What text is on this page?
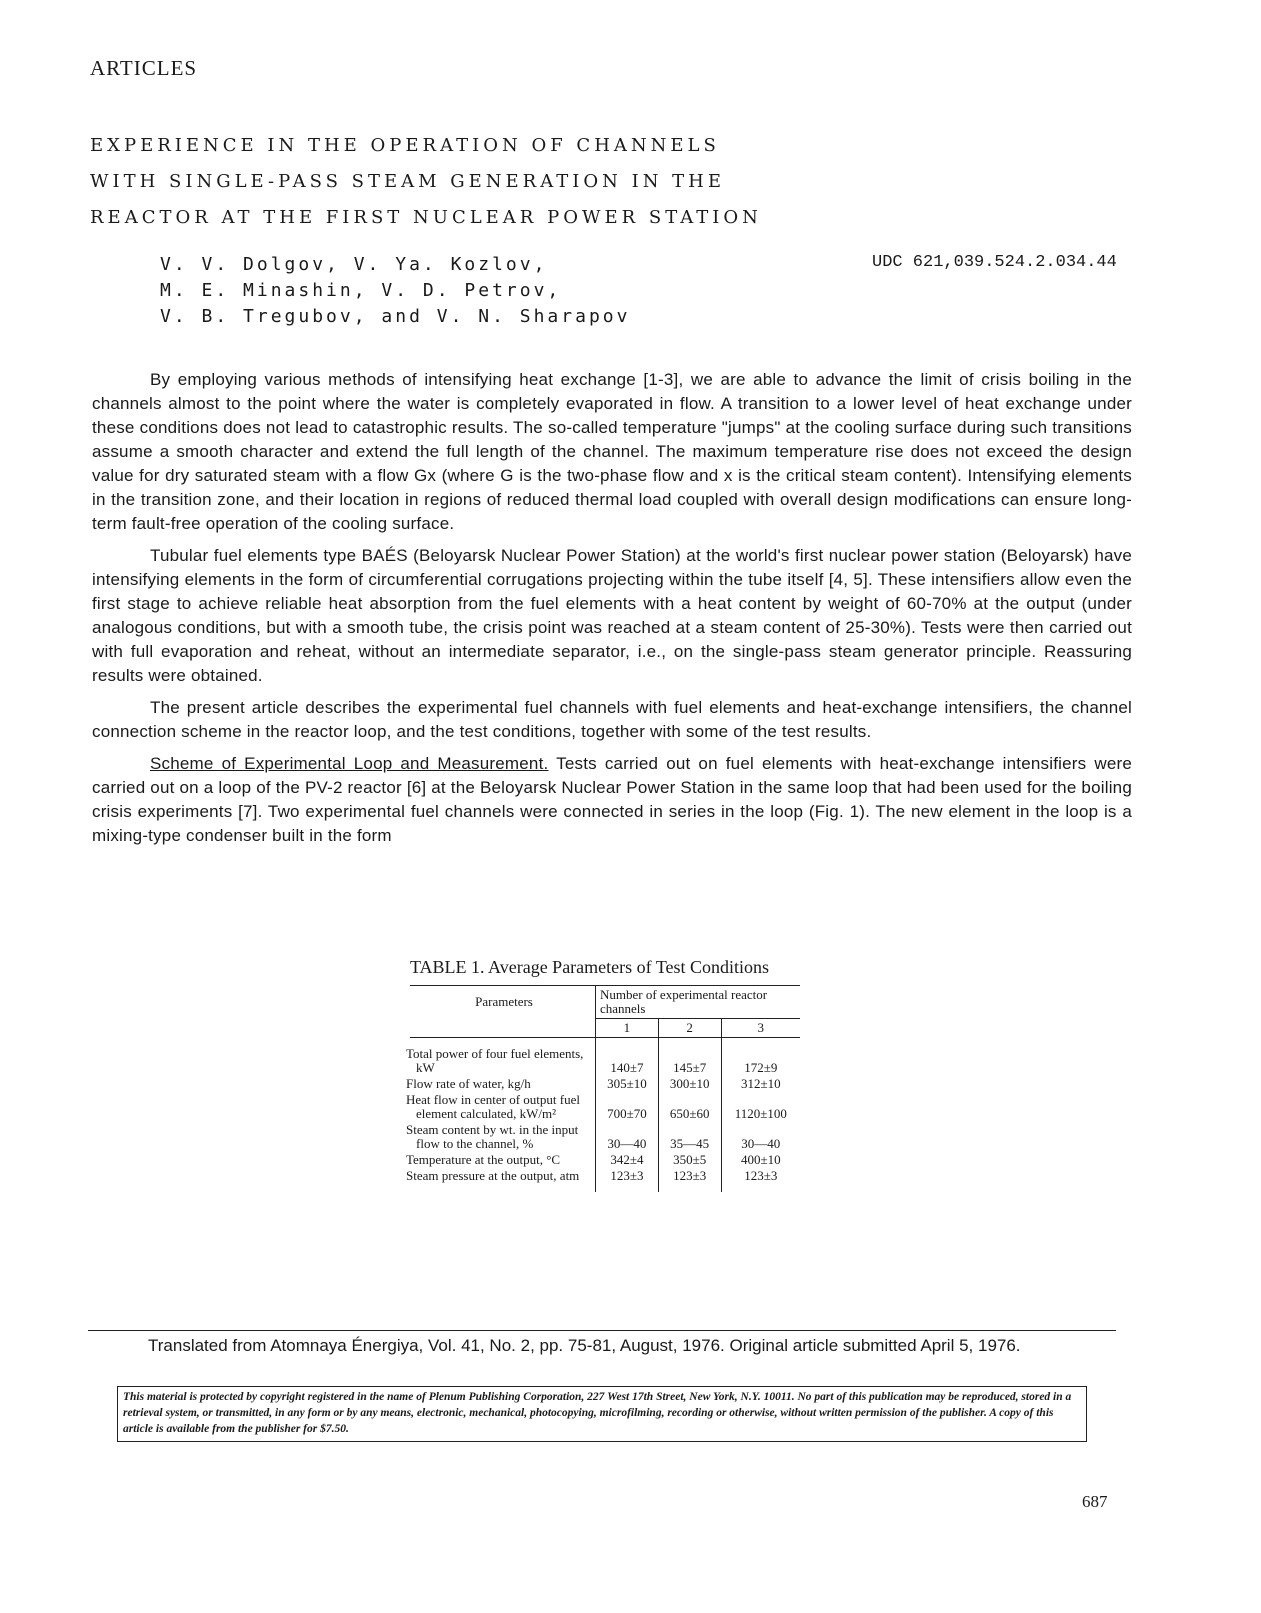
ARTICLES
EXPERIENCE IN THE OPERATION OF CHANNELS
WITH SINGLE-PASS STEAM GENERATION IN THE
REACTOR AT THE FIRST NUCLEAR POWER STATION
V. V. Dolgov, V. Ya. Kozlov,
M. E. Minashin, V. D. Petrov,
V. B. Tregubov, and V. N. Sharapov
UDC 621,039.524.2.034.44

By employing various methods of intensifying heat exchange [1-3], we are able to advance the limit of crisis boiling in the channels almost to the point where the water is completely evaporated in flow. A transition to a lower level of heat exchange under these conditions does not lead to catastrophic results. The so-called temperature "jumps" at the cooling surface during such transitions assume a smooth character and extend the full length of the channel. The maximum temperature rise does not exceed the design value for dry saturated steam with a flow Gx (where G is the two-phase flow and x is the critical steam content). Intensifying elements in the transition zone, and their location in regions of reduced thermal load coupled with overall design modifications can ensure long-term fault-free operation of the cooling surface.

Tubular fuel elements type BAÉS (Beloyarsk Nuclear Power Station) at the world's first nuclear power station (Beloyarsk) have intensifying elements in the form of circumferential corrugations projecting within the tube itself [4, 5]. These intensifiers allow even the first stage to achieve reliable heat absorption from the fuel elements with a heat content by weight of 60-70% at the output (under analogous conditions, but with a smooth tube, the crisis point was reached at a steam content of 25-30%). Tests were then carried out with full evaporation and reheat, without an intermediate separator, i.e., on the single-pass steam generator principle. Reassuring results were obtained.

The present article describes the experimental fuel channels with fuel elements and heat-exchange intensifiers, the channel connection scheme in the reactor loop, and the test conditions, together with some of the test results.

Scheme of Experimental Loop and Measurement. Tests carried out on fuel elements with heat-exchange intensifiers were carried out on a loop of the PV-2 reactor [6] at the Beloyarsk Nuclear Power Station in the same loop that had been used for the boiling crisis experiments [7]. Two experimental fuel channels were connected in series in the loop (Fig. 1). The new element in the loop is a mixing-type condenser built in the form

TABLE 1. Average Parameters of Test Conditions
Parameters	Number of experimental reactor channels		

	1	2	3

Total power of four fuel elements, kW	140±7	145±7	172±9
Flow rate of water, kg/h	305±10	300±10	312±10
Heat flow in center of output fuel element calculated, kW/m²	700±70	650±60	1120±100
Steam content by wt. in the input flow to the channel, %	30—40	35—45	30—40
Temperature at the output, °C	342±4	350±5	400±10
Steam pressure at the output, atm	123±3	123±3	123±3

Translated from Atomnaya Énergiya, Vol. 41, No. 2, pp. 75-81, August, 1976. Original article submitted April 5, 1976.
This material is protected by copyright registered in the name of Plenum Publishing Corporation, 227 West 17th Street, New York, N.Y. 10011. No part of this publication may be reproduced, stored in a retrieval system, or transmitted, in any form or by any means, electronic, mechanical, photocopying, microfilming, recording or otherwise, without written permission of the publisher. A copy of this article is available from the publisher for $7.50.
687
